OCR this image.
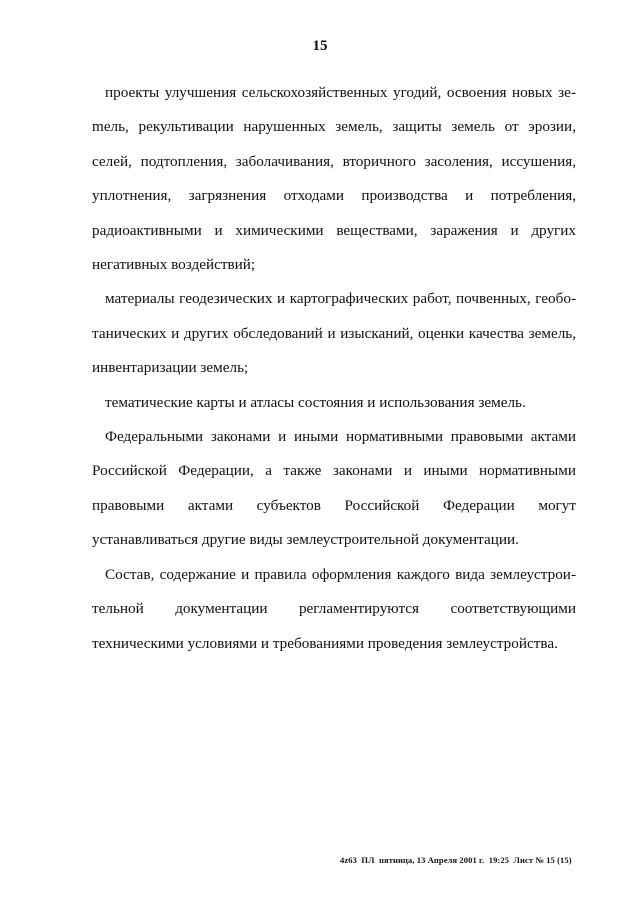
15

проекты улучшения сельскохозяйственных угодий, освоения новых зеmель, рекультивации нарушенных земель, защиты земель от эрозии, селей, подтопления, заболачивания, вторичного засоления, иссушения, уплотнения, загрязнения отходами производства и потребления, радиоактивными и химическими веществами, заражения и других негативных воздействий;

материалы геодезических и картографических работ, почвенных, геоботанических и других обследований и изысканий, оценки качества земель, инвентаризации земель;

тематические карты и атласы состояния и использования земель.

Федеральными законами и иными нормативными правовыми актами Российской Федерации, а также законами и иными нормативными правовыми актами субъектов Российской Федерации могут устанавливаться другие виды землеустроительной документации.

Состав, содержание и правила оформления каждого вида землеустроительной документации регламентируются соответствующими техническими условиями и требованиями проведения землеустройства.

4z63 ПЛ пятница, 13 Апреля 2001 г. 19:25 Лист № 15 (15)
